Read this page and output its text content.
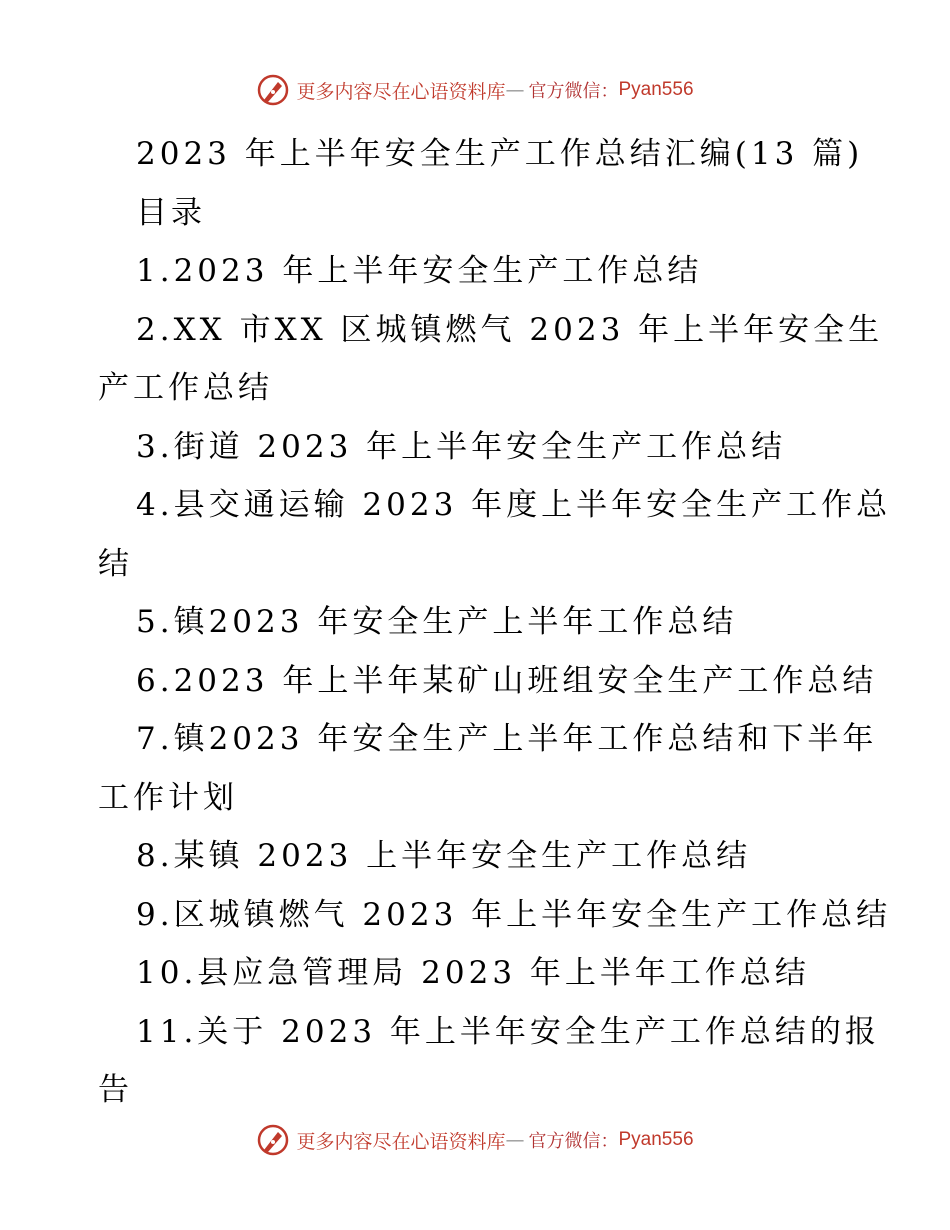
更多内容尽在心语资料库 — 官方微信： Pyan556
2023 年上半年安全生产工作总结汇编(13 篇)
目录
1.2023 年上半年安全生产工作总结
2.XX 市XX 区城镇燃气 2023 年上半年安全生
产工作总结
3.街道 2023 年上半年安全生产工作总结
4.县交通运输 2023 年度上半年安全生产工作总
结
5.镇2023 年安全生产上半年工作总结
6.2023 年上半年某矿山班组安全生产工作总结
7.镇2023 年安全生产上半年工作总结和下半年
工作计划
8.某镇 2023 上半年安全生产工作总结
9.区城镇燃气 2023 年上半年安全生产工作总结
10.县应急管理局 2023 年上半年工作总结
11.关于 2023 年上半年安全生产工作总结的报
告
更多内容尽在心语资料库 — 官方微信： Pyan556
